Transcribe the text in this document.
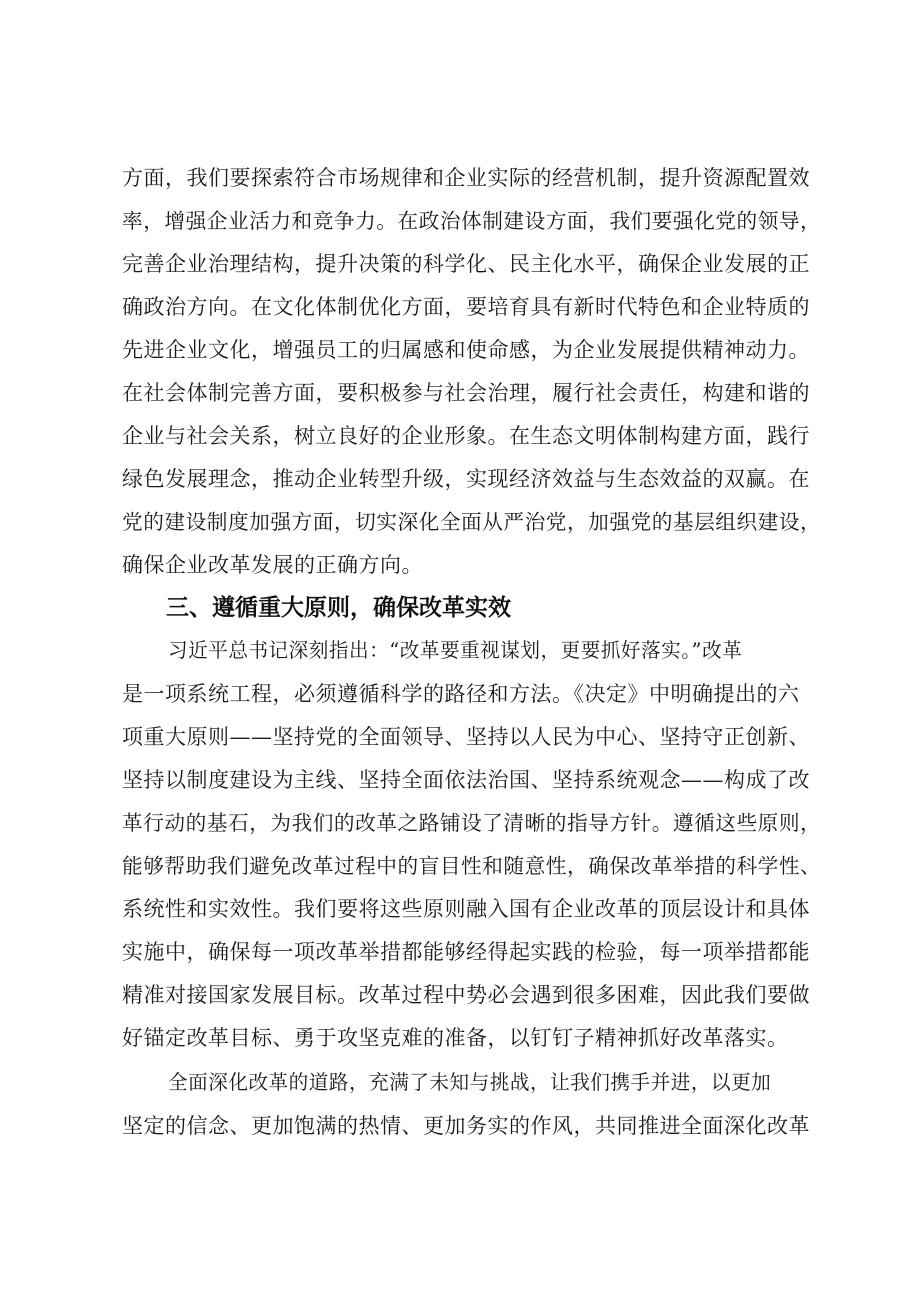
方面，我们要探索符合市场规律和企业实际的经营机制，提升资源配置效
率，增强企业活力和竞争力。在政治体制建设方面，我们要强化党的领导，
完善企业治理结构，提升决策的科学化、民主化水平，确保企业发展的正
确政治方向。在文化体制优化方面，要培育具有新时代特色和企业特质的
先进企业文化，增强员工的归属感和使命感，为企业发展提供精神动力。
在社会体制完善方面，要积极参与社会治理，履行社会责任，构建和谐的
企业与社会关系，树立良好的企业形象。在生态文明体制构建方面，践行
绿色发展理念，推动企业转型升级，实现经济效益与生态效益的双赢。在
党的建设制度加强方面，切实深化全面从严治党，加强党的基层组织建设，
确保企业改革发展的正确方向。
三、遵循重大原则，确保改革实效
习近平总书记深刻指出：“改革要重视谋划，更要抓好落实。”改革
是一项系统工程，必须遵循科学的路径和方法。《决定》中明确提出的六
项重大原则——坚持党的全面领导、坚持以人民为中心、坚持守正创新、
坚持以制度建设为主线、坚持全面依法治国、坚持系统观念——构成了改
革行动的基石，为我们的改革之路铺设了清晰的指导方针。遵循这些原则，
能够帮助我们避免改革过程中的盲目性和随意性，确保改革举措的科学性、
系统性和实效性。我们要将这些原则融入国有企业改革的顶层设计和具体
实施中，确保每一项改革举措都能够经得起实践的检验，每一项举措都能
精准对接国家发展目标。改革过程中势必会遇到很多困难，因此我们要做
好锚定改革目标、勇于攻坚克难的准备，以钉钉子精神抓好改革落实。
全面深化改革的道路，充满了未知与挑战，让我们携手并进，以更加
坚定的信念、更加饱满的热情、更加务实的作风，共同推进全面深化改革
